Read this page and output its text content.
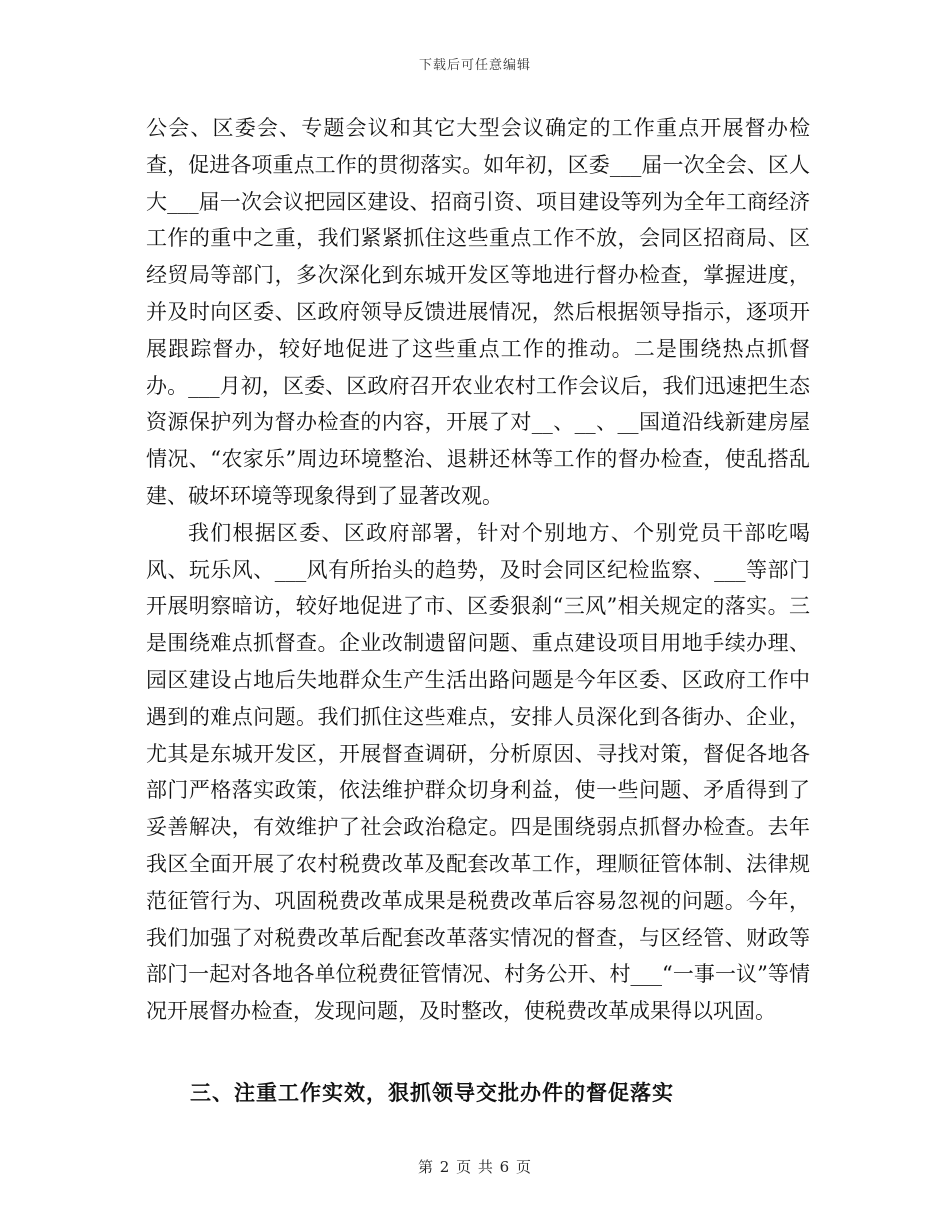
下载后可任意编辑

公会、区委会、专题会议和其它大型会议确定的工作重点开展督办检查，促进各项重点工作的贯彻落实。如年初，区委___届一次全会、区人大___届一次会议把园区建设、招商引资、项目建设等列为全年工商经济工作的重中之重，我们紧紧抓住这些重点工作不放，会同区招商局、区经贸局等部门，多次深化到东城开发区等地进行督办检查，掌握进度，并及时向区委、区政府领导反馈进展情况，然后根据领导指示，逐项开展跟踪督办，较好地促进了这些重点工作的推动。二是围绕热点抓督办。___月初，区委、区政府召开农业农村工作会议后，我们迅速把生态资源保护列为督办检查的内容，开展了对__、__、__国道沿线新建房屋情况、“农家乐”周边环境整治、退耕还林等工作的督办检查，使乱搭乱建、破坏环境等现象得到了显著改观。

我们根据区委、区政府部署，针对个别地方、个别党员干部吃喝风、玩乐风、___风有所抬头的趋势，及时会同区纪检监察、___等部门开展明察暗访，较好地促进了市、区委狠刹“三风”相关规定的落实。三是围绕难点抓督查。企业改制遗留问题、重点建设项目用地手续办理、园区建设占地后失地群众生产生活出路问题是今年区委、区政府工作中遇到的难点问题。我们抓住这些难点，安排人员深化到各街办、企业，尤其是东城开发区，开展督查调研，分析原因、寻找对策，督促各地各部门严格落实政策，依法维护群众切身利益，使一些问题、矛盾得到了妥善解决，有效维护了社会政治稳定。四是围绕弱点抓督办检查。去年我区全面开展了农村税费改革及配套改革工作，理顺征管体制、法律规范征管行为、巩固税费改革成果是税费改革后容易忽视的问题。今年，我们加强了对税费改革后配套改革落实情况的督查，与区经管、财政等部门一起对各地各单位税费征管情况、村务公开、村___“一事一议”等情况开展督办检查，发现问题，及时整改，使税费改革成果得以巩固。

三、注重工作实效，狠抓领导交批办件的督促落实
第 2 页 共 6 页
